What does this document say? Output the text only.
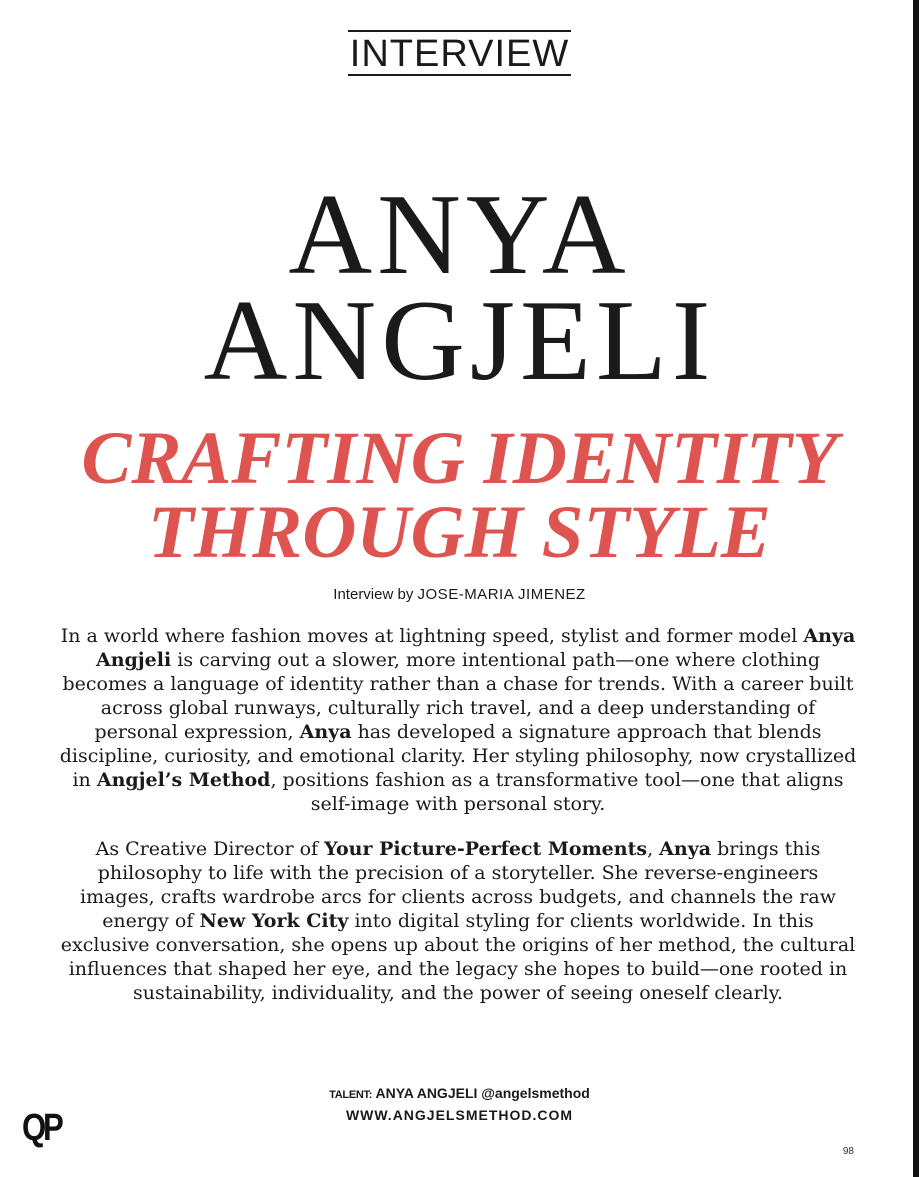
INTERVIEW
ANYA
ANGJELI
CRAFTING IDENTITY
THROUGH STYLE
Interview by JOSE-MARIA JIMENEZ

In a world where fashion moves at lightning speed, stylist and former model Anya Angjeli is carving out a slower, more intentional path—one where clothing becomes a language of identity rather than a chase for trends. With a career built across global runways, culturally rich travel, and a deep understanding of personal expression, Anya has developed a signature approach that blends discipline, curiosity, and emotional clarity. Her styling philosophy, now crystallized in Angjel’s Method, positions fashion as a transformative tool—one that aligns self-image with personal story.

As Creative Director of Your Picture-Perfect Moments, Anya brings this philosophy to life with the precision of a storyteller. She reverse-engineers images, crafts wardrobe arcs for clients across budgets, and channels the raw energy of New York City into digital styling for clients worldwide. In this exclusive conversation, she opens up about the origins of her method, the cultural influences that shaped her eye, and the legacy she hopes to build—one rooted in sustainability, individuality, and the power of seeing oneself clearly.

TALENT: ANYA ANGJELI @angelsmethod
WWW.ANGJELSMETHOD.COM
QP
98
